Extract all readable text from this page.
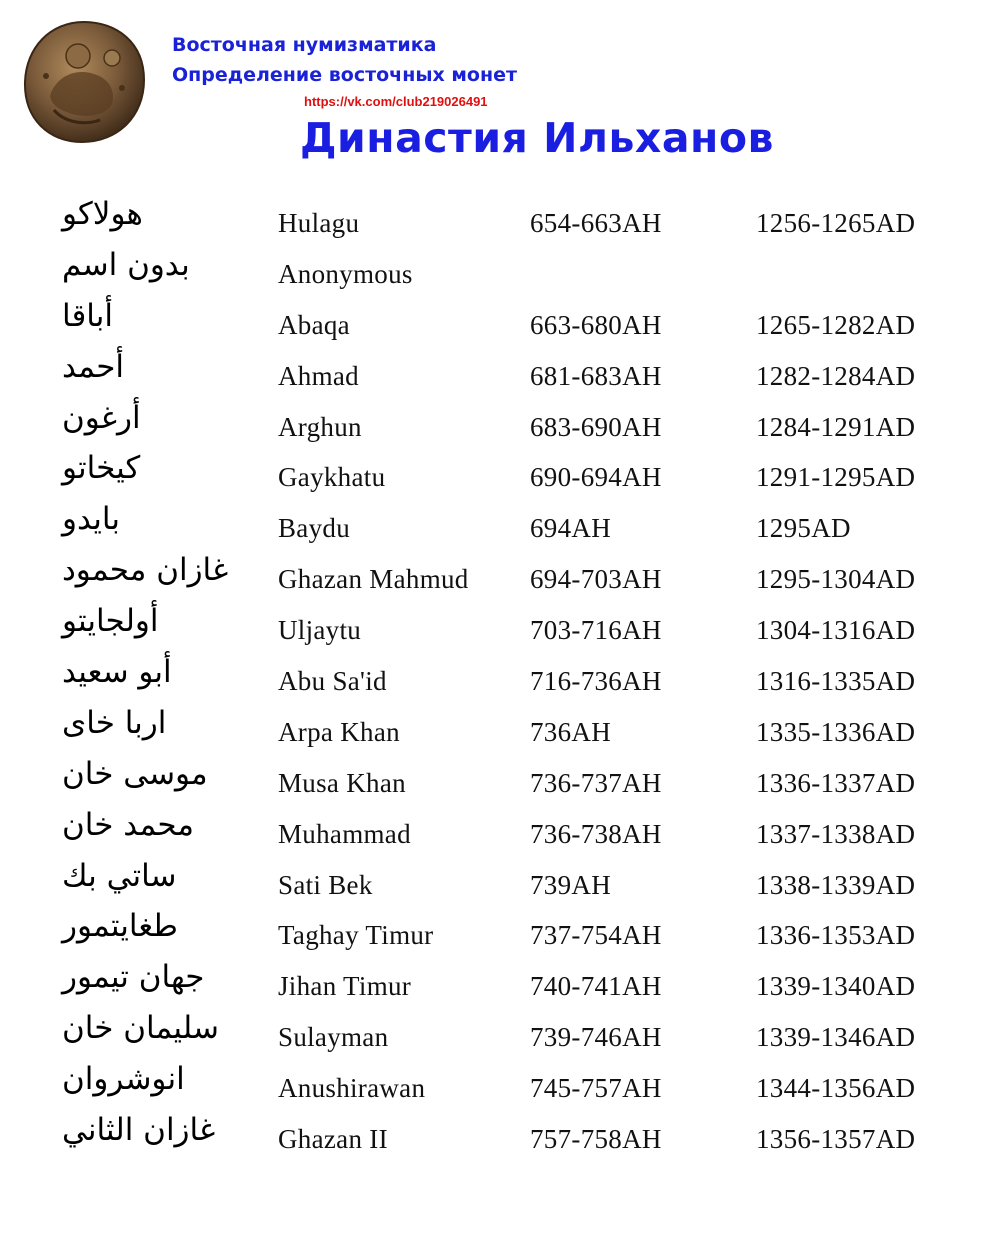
Восточная нумизматика
Определение восточных монет
https://vk.com/club219026491
Династия Ильханов
هولاكو	Hulagu	654-663AH	1256-1265AD
بدون اسم	Anonymous
أباقا	Abaqa	663-680AH	1265-1282AD
أحمد	Ahmad	681-683AH	1282-1284AD
أرغون	Arghun	683-690AH	1284-1291AD
كيخاتو	Gaykhatu	690-694AH	1291-1295AD
بايدو	Baydu	694AH	1295AD
غازان محمود	Ghazan Mahmud 694-703AH	1295-1304AD
أولجايتو	Uljaytu	703-716AH	1304-1316AD
أبو سعيد	Abu Sa'id	716-736AH	1316-1335AD
اربا خاى	Arpa Khan	736AH	1335-1336AD
موسى خان	Musa Khan	736-737AH	1336-1337AD
محمد خان	Muhammad	736-738AH	1337-1338AD
ساتي بك	Sati Bek	739AH	1338-1339AD
طغايتمور	Taghay Timur	737-754AH	1336-1353AD
جهان تيمور	Jihan Timur	740-741AH	1339-1340AD
سليمان خان	Sulayman	739-746AH	1339-1346AD
انوشروان	Anushirawan	745-757AH	1344-1356AD
غازان الثاني	Ghazan II	757-758AH	1356-1357AD
